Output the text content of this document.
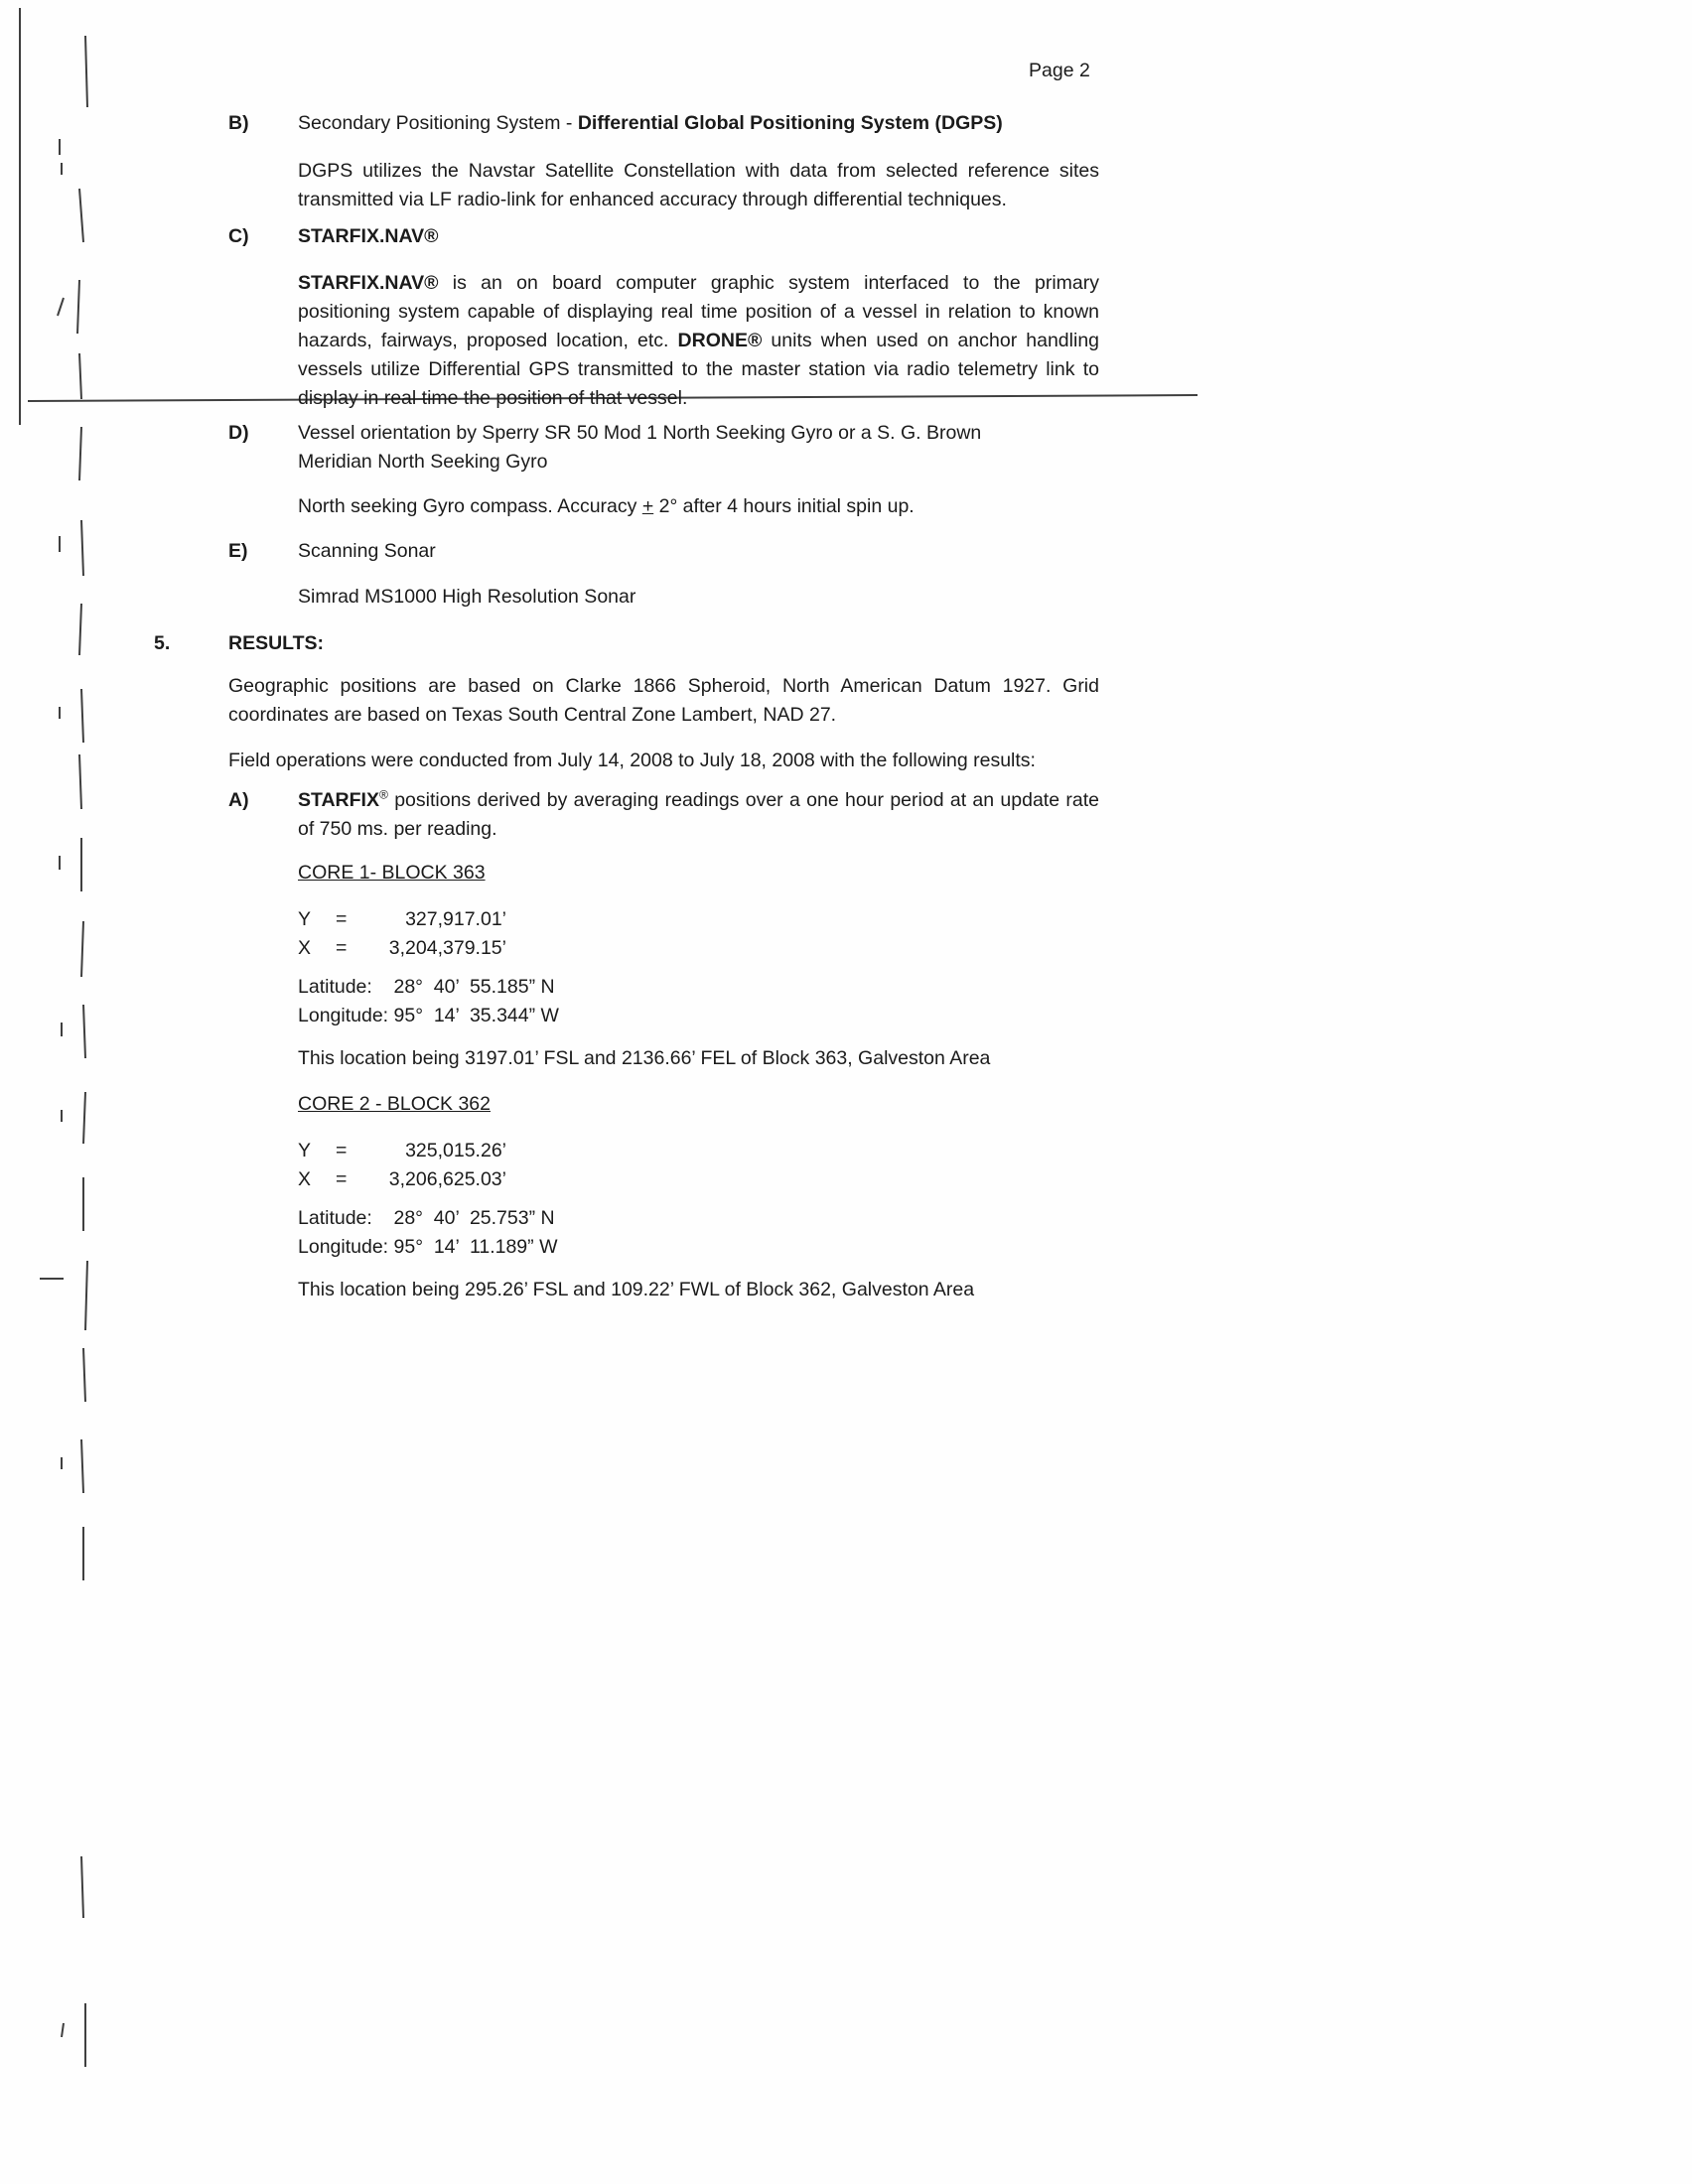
Page 2
B)	Secondary Positioning System - Differential Global Positioning System (DGPS)
DGPS utilizes the Navstar Satellite Constellation with data from selected reference sites transmitted via LF radio-link for enhanced accuracy through differential techniques.
C)	STARFIX.NAV®
STARFIX.NAV® is an on board computer graphic system interfaced to the primary positioning system capable of displaying real time position of a vessel in relation to known hazards, fairways, proposed location, etc. DRONE® units when used on anchor handling vessels utilize Differential GPS transmitted to the master station via radio telemetry link to display in real time the position of that vessel.
D)	Vessel orientation by Sperry SR 50 Mod 1 North Seeking Gyro or a S. G. Brown
Meridian North Seeking Gyro
North seeking Gyro compass. Accuracy + 2° after 4 hours initial spin up.
E)	Scanning Sonar
Simrad MS1000 High Resolution Sonar
5.	RESULTS:
Geographic positions are based on Clarke 1866 Spheroid, North American Datum 1927. Grid coordinates are based on Texas South Central Zone Lambert, NAD 27.
Field operations were conducted from July 14, 2008 to July 18, 2008 with the following results:
A)	STARFIX® positions derived by averaging readings over a one hour period at an update rate of 750 ms. per reading.
CORE 1- BLOCK 363
Y	=	327,917.01’
X	=	3,204,379.15’
Latitude:    28°  40’  55.185” N
Longitude: 95°  14’  35.344” W
This location being 3197.01’ FSL and 2136.66’ FEL of Block 363, Galveston Area
CORE 2 - BLOCK 362
Y	=	325,015.26’
X	=	3,206,625.03’
Latitude:    28°  40’  25.753” N
Longitude: 95°  14’  11.189” W
This location being 295.26’ FSL and 109.22’ FWL of Block 362, Galveston Area
